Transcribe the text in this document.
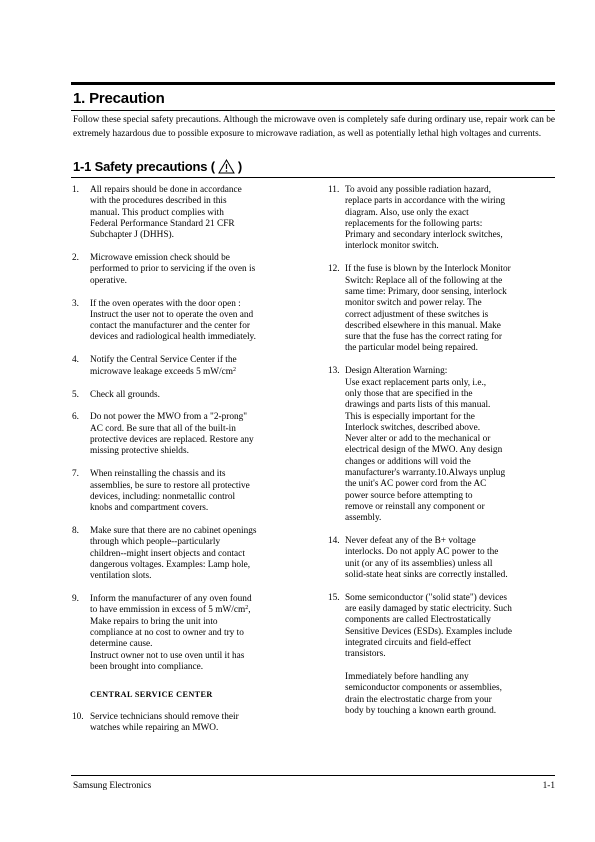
1. Precaution
Follow these special safety precautions. Although the microwave oven is completely safe during ordinary use, repair work can be extremely hazardous due to possible exposure to microwave radiation, as well as potentially lethal high voltages and currents.
1-1 Safety precautions ( )
1.	All repairs should be done in accordance
with the procedures described in this
manual. This product complies with
Federal Performance Standard 21 CFR
Subchapter J (DHHS).
2.	Microwave emission check should be
performed to prior to servicing if the oven is
operative.
3.	If the oven operates with the door open :
Instruct the user not to operate the oven and
contact the manufacturer and the center for
devices and radiological health immediately.
4.	Notify the Central Service Center if the
microwave leakage exceeds 5 $mW/cm^2$
5.	Check all grounds.
6.	Do not power the MWO from a "2-prong"
AC cord. Be sure that all of the built-in
protective devices are replaced. Restore any
missing protective shields.
7.	When reinstalling the chassis and its
assemblies, be sure to restore all protective
devices, including: nonmetallic control
knobs and compartment covers.
8.	Make sure that there are no cabinet openings
through which people--particularly
children--might insert objects and contact
dangerous voltages. Examples: Lamp hole,
ventilation slots.
9.	Inform the manufacturer of any oven found
to have emmission in excess of 5 $mW/cm^2$,
Make repairs to bring the unit into
compliance at no cost to owner and try to
determine cause.
Instruct owner not to use oven until it has
been brought into compliance.
CENTRAL SERVICE CENTER
10. Service technicians should remove their
watches while repairing an MWO.
11. To avoid any possible radiation hazard,
replace parts in accordance with the wiring
diagram. Also, use only the exact
replacements for the following parts:
Primary and secondary interlock switches,
interlock monitor switch.
12. If the fuse is blown by the Interlock Monitor
Switch: Replace all of the following at the
same time: Primary, door sensing, interlock
monitor switch and power relay. The
correct adjustment of these switches is
described elsewhere in this manual. Make
sure that the fuse has the correct rating for
the particular model being repaired.
13. Design Alteration Warning:
Use exact replacement parts only, i.e.,
only those that are specified in the
drawings and parts lists of this manual.
This is especially important for the
Interlock switches, described above.
Never alter or add to the mechanical or
electrical design of the MWO. Any design
changes or additions will void the
manufacturer's warranty.10.Always unplug
the unit's AC power cord from the AC
power source before attempting to
remove or reinstall any component or
assembly.
14. Never defeat any of the B+ voltage
interlocks. Do not apply AC power to the
unit (or any of its assemblies) unless all
solid-state heat sinks are correctly installed.
15. Some semiconductor ("solid state") devices
are easily damaged by static electricity. Such
components are called Electrostatically
Sensitive Devices (ESDs). Examples include
integrated circuits and field-effect
transistors.
Immediately before handling any
semiconductor components or assemblies,
drain the electrostatic charge from your
body by touching a known earth ground.
Samsung Electronics	1-1
